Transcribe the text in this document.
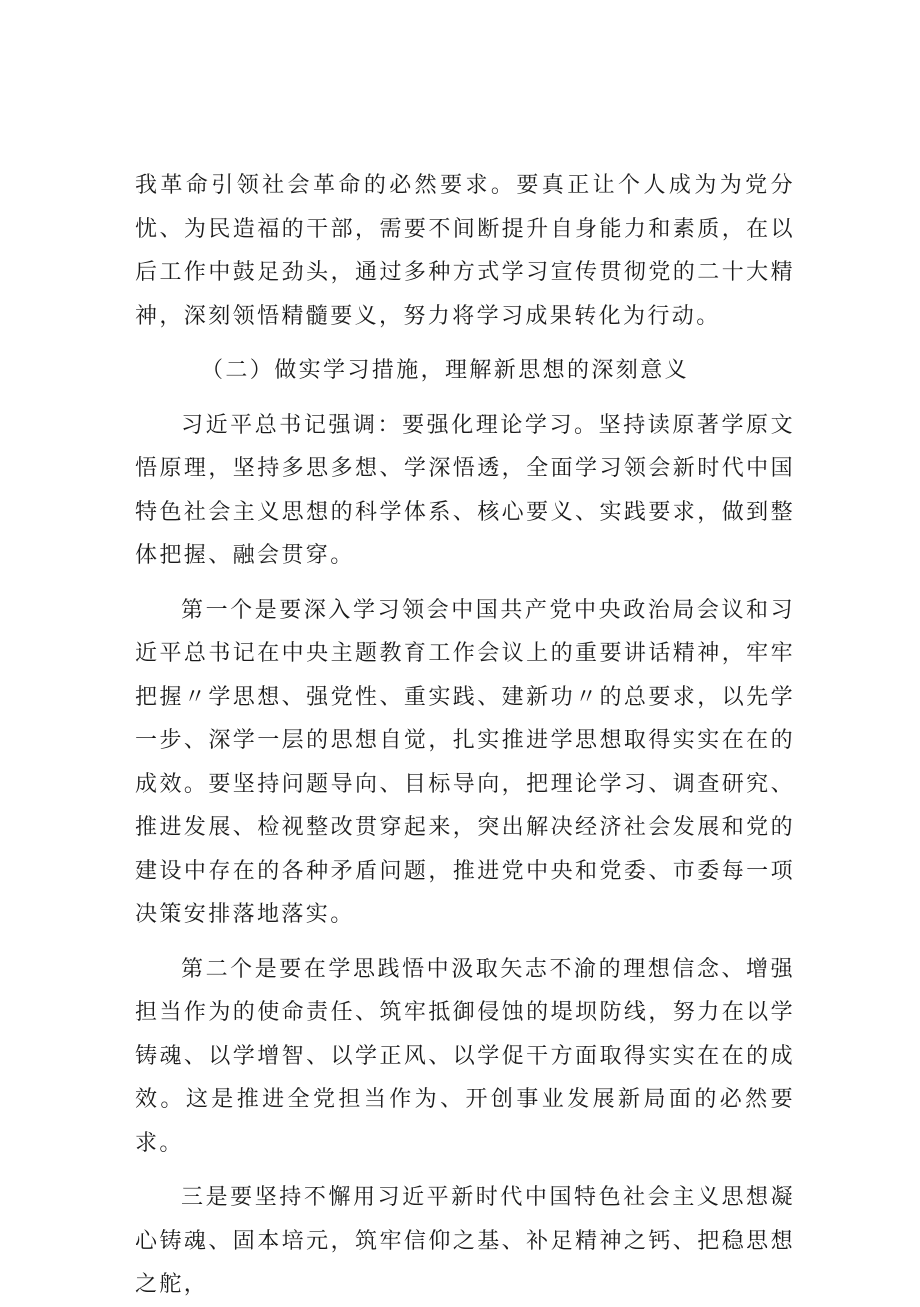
我革命引领社会革命的必然要求。要真正让个人成为为党分忧、为民造福的干部，需要不间断提升自身能力和素质，在以后工作中鼓足劲头，通过多种方式学习宣传贯彻党的二十大精神，深刻领悟精髓要义，努力将学习成果转化为行动。

（二）做实学习措施，理解新思想的深刻意义

习近平总书记强调：要强化理论学习。坚持读原著学原文悟原理，坚持多思多想、学深悟透，全面学习领会新时代中国特色社会主义思想的科学体系、核心要义、实践要求，做到整体把握、融会贯穿。

第一个是要深入学习领会中国共产党中央政治局会议和习近平总书记在中央主题教育工作会议上的重要讲话精神，牢牢把握〃学思想、强党性、重实践、建新功〃的总要求，以先学一步、深学一层的思想自觉，扎实推进学思想取得实实在在的成效。要坚持问题导向、目标导向，把理论学习、调查研究、推进发展、检视整改贯穿起来，突出解决经济社会发展和党的建设中存在的各种矛盾问题，推进党中央和党委、市委每一项决策安排落地落实。

第二个是要在学思践悟中汲取矢志不渝的理想信念、增强担当作为的使命责任、筑牢抵御侵蚀的堤坝防线，努力在以学铸魂、以学增智、以学正风、以学促干方面取得实实在在的成效。这是推进全党担当作为、开创事业发展新局面的必然要求。

三是要坚持不懈用习近平新时代中国特色社会主义思想凝心铸魂、固本培元，筑牢信仰之基、补足精神之钙、把稳思想之舵，
